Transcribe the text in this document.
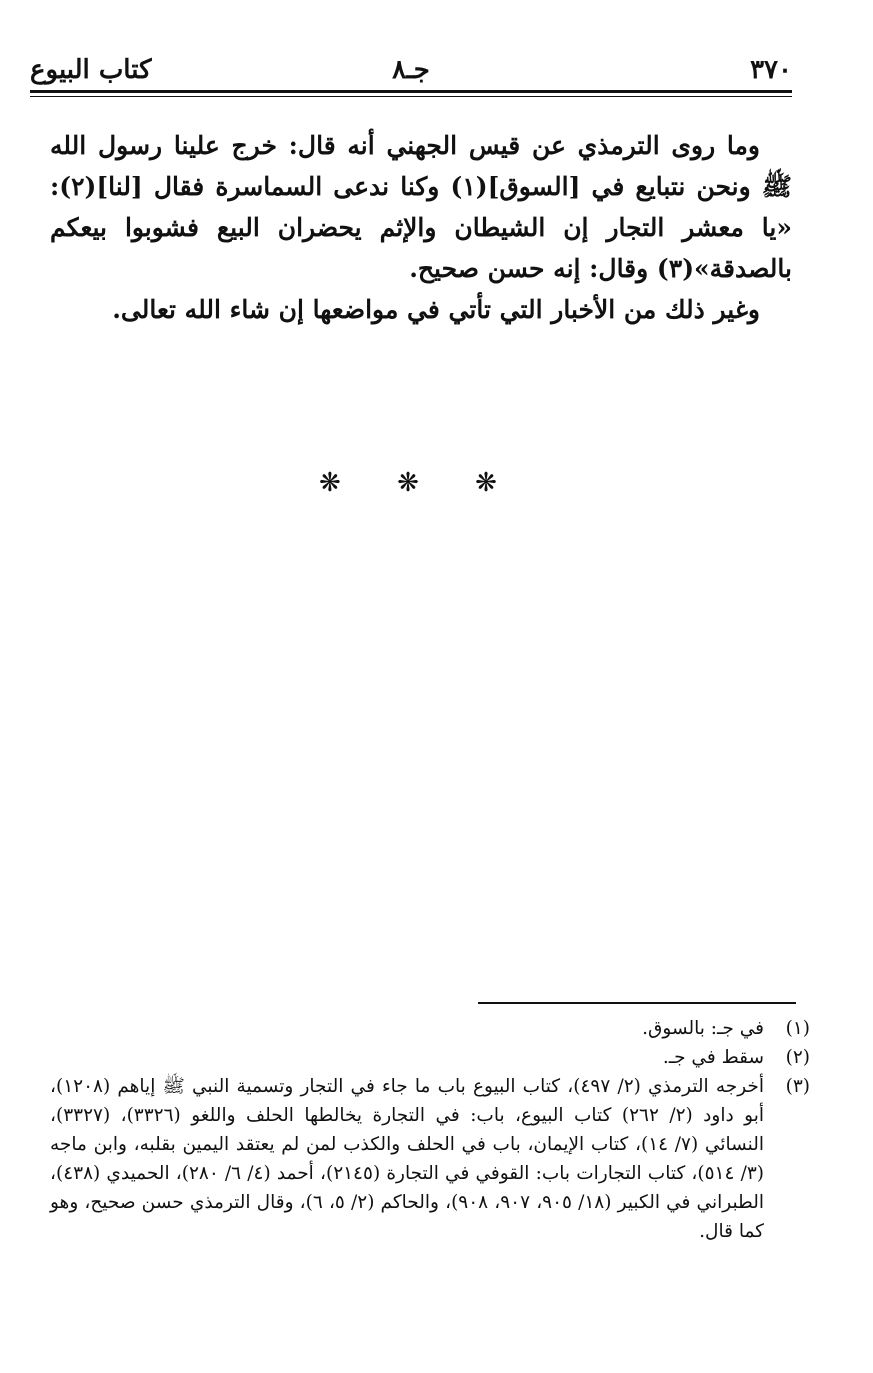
٣٧٠
جـ٨
كتاب البيوع

وما روى الترمذي عن قيس الجهني أنه قال: خرج علينا رسول الله ﷺ ونحن نتبايع في [السوق](١) وكنا ندعى السماسرة فقال [لنا](٢): «يا معشر التجار إن الشيطان والإثم يحضران البيع فشوبوا بيعكم بالصدقة»(٣) وقال: إنه حسن صحيح.

وغير ذلك من الأخبار التي تأتي في مواضعها إن شاء الله تعالى.

❋ ❋ ❋
(١)
في جـ: بالسوق.
(٢)
سقط في جـ.
(٣)
أخرجه الترمذي (٢/ ٤٩٧)، كتاب البيوع باب ما جاء في التجار وتسمية النبي ﷺ إياهم (١٢٠٨)، أبو داود (٢/ ٢٦٢) كتاب البيوع، باب: في التجارة يخالطها الحلف واللغو (٣٣٢٦)، (٣٣٢٧)، النسائي (٧/ ١٤)، كتاب الإيمان، باب في الحلف والكذب لمن لم يعتقد اليمين بقلبه، وابن ماجه (٣/ ٥١٤)، كتاب التجارات باب: القوفي في التجارة (٢١٤٥)، أحمد (٤/ ٦/ ٢٨٠)، الحميدي (٤٣٨)، الطبراني في الكبير (١٨/ ٩٠٥، ٩٠٧، ٩٠٨)، والحاكم (٢/ ٥، ٦)، وقال الترمذي حسن صحيح، وهو كما قال.
